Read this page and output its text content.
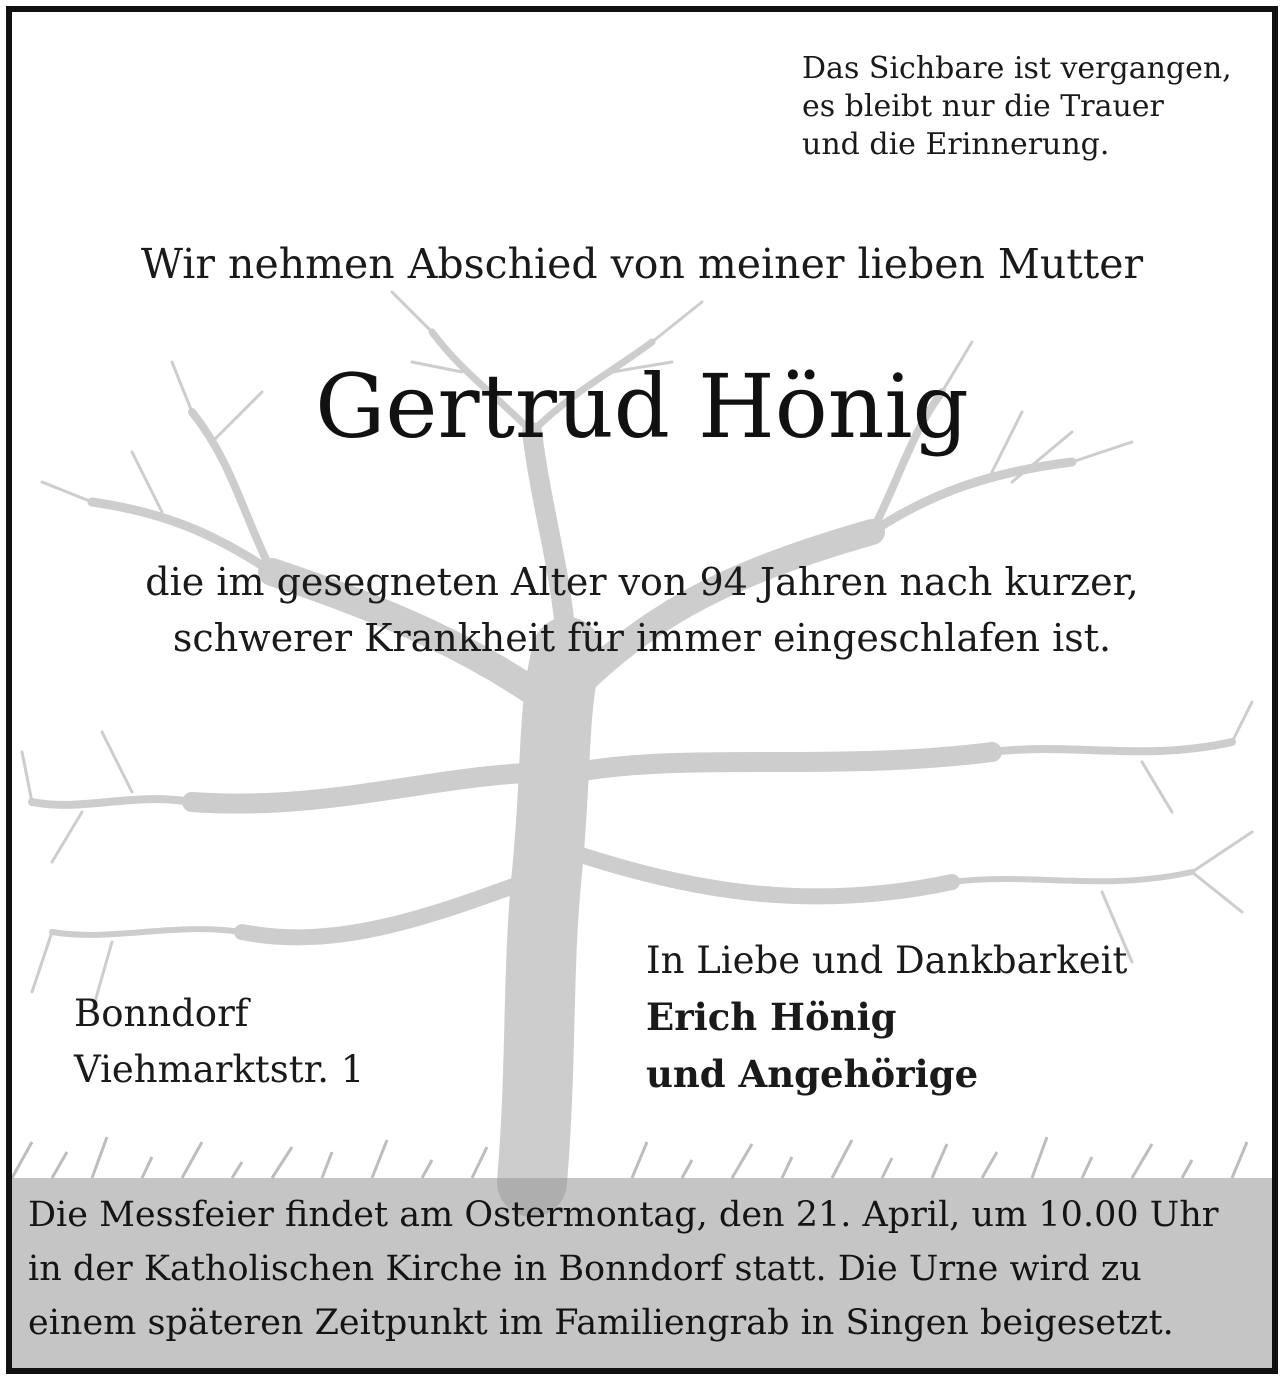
Das Sichbare ist vergangen,
es bleibt nur die Trauer
und die Erinnerung.
Wir nehmen Abschied von meiner lieben Mutter
Gertrud Hönig
die im gesegneten Alter von 94 Jahren nach kurzer,
schwerer Krankheit für immer eingeschlafen ist.
Bonndorf
Viehmarktstr. 1
In Liebe und Dankbarkeit
Erich Hönig
und Angehörige
Die Messfeier findet am Ostermontag, den 21. April, um 10.00 Uhr
in der Katholischen Kirche in Bonndorf statt. Die Urne wird zu
einem späteren Zeitpunkt im Familiengrab in Singen beigesetzt.
